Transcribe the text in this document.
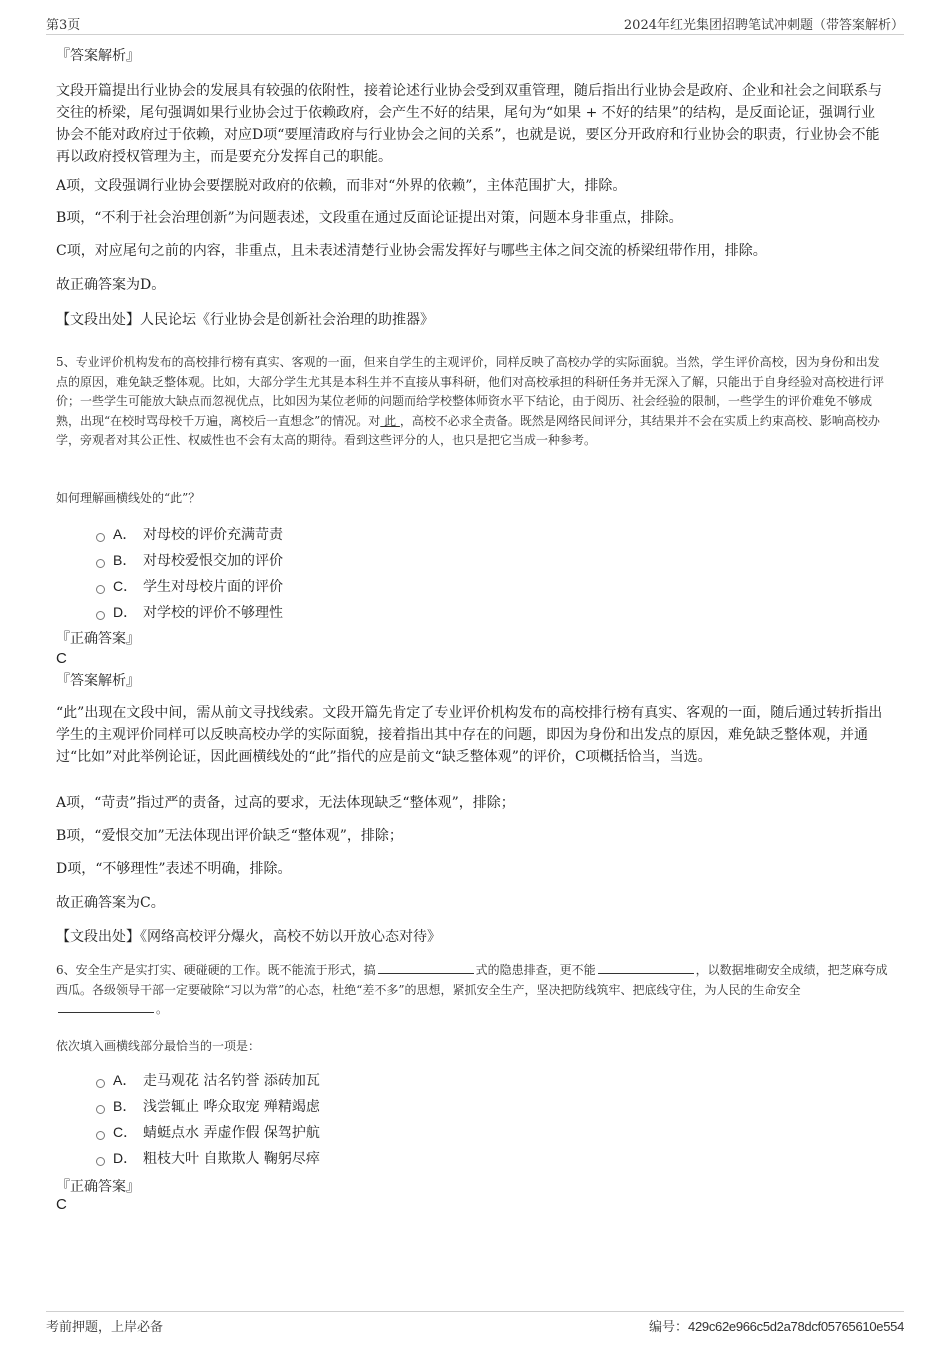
第3页	2024年红光集团招聘笔试冲刺题（带答案解析）
『答案解析』
文段开篇提出行业协会的发展具有较强的依附性，接着论述行业协会受到双重管理，随后指出行业协会是政府、企业和社会之间联系与交往的桥梁，尾句强调如果行业协会过于依赖政府，会产生不好的结果，尾句为“如果 + 不好的结果”的结构，是反面论证，强调行业协会不能对政府过于依赖，对应D项“要厘清政府与行业协会之间的关系”，也就是说，要区分开政府和行业协会的职责，行业协会不能再以政府授权管理为主，而是要充分发挥自己的职能。
A项，文段强调行业协会要摆脱对政府的依赖，而非对“外界的依赖”，主体范围扩大，排除。
B项，“不利于社会治理创新”为问题表述，文段重在通过反面论证提出对策，问题本身非重点，排除。
C项，对应尾句之前的内容，非重点，且未表述清楚行业协会需发挥好与哪些主体之间交流的桥梁纽带作用，排除。
故正确答案为D。
【文段出处】人民论坛《行业协会是创新社会治理的助推器》
5、专业评价机构发布的高校排行榜有真实、客观的一面，但来自学生的主观评价，同样反映了高校办学的实际面貌。当然，学生评价高校，因为身份和出发点的原因，难免缺乏整体观。比如，大部分学生尤其是本科生并不直接从事科研，他们对高校承担的科研任务并无深入了解，只能出于自身经验对高校进行评价；一些学生可能放大缺点而忽视优点，比如因为某位老师的问题而给学校整体师资水平下结论，由于阅历、社会经验的限制，一些学生的评价难免不够成熟，出现“在校时骂母校千万遍，离校后一直想念”的情况。对 此 ，高校不必求全责备。既然是网络民间评分，其结果并不会在实质上约束高校、影响高校办学，旁观者对其公正性、权威性也不会有太高的期待。看到这些评分的人，也只是把它当成一种参考。
如何理解画横线处的“此”？
A． 对母校的评价充满苛责
B． 对母校爱恨交加的评价
C． 学生对母校片面的评价
D． 对学校的评价不够理性
『正确答案』
C
『答案解析』
“此”出现在文段中间，需从前文寻找线索。文段开篇先肯定了专业评价机构发布的高校排行榜有真实、客观的一面，随后通过转折指出学生的主观评价同样可以反映高校办学的实际面貌，接着指出其中存在的问题，即因为身份和出发点的原因，难免缺乏整体观，并通过“比如”对此举例论证，因此画横线处的“此”指代的应是前文“缺乏整体观”的评价，C项概括恰当，当选。
A项，“苛责”指过严的责备，过高的要求，无法体现缺乏“整体观”，排除；
B项，“爱恨交加”无法体现出评价缺乏“整体观”，排除；
D项，“不够理性”表述不明确，排除。
故正确答案为C。
【文段出处】《网络高校评分爆火，高校不妨以开放心态对待》
6、安全生产是实打实、硬碰硬的工作。既不能流于形式，搞	式的隐患排查，更不能	，以数据堆砌安全成绩，把芝麻夸成西瓜。各级领导干部一定要破除“习以为常”的心态，杜绝“差不多”的思想，紧抓安全生产，坚决把防线筑牢、把底线守住，为人民的生命安全。
依次填入画横线部分最恰当的一项是：
A． 走马观花 沽名钓誉 添砖加瓦
B． 浅尝辄止 哗众取宠 殚精竭虑
C． 蜻蜓点水 弄虚作假 保驾护航
D． 粗枝大叶 自欺欺人 鞠躬尽瘁
『正确答案』
C
考前押题，上岸必备	编号：429c62e966c5d2a78dcf05765610e554
